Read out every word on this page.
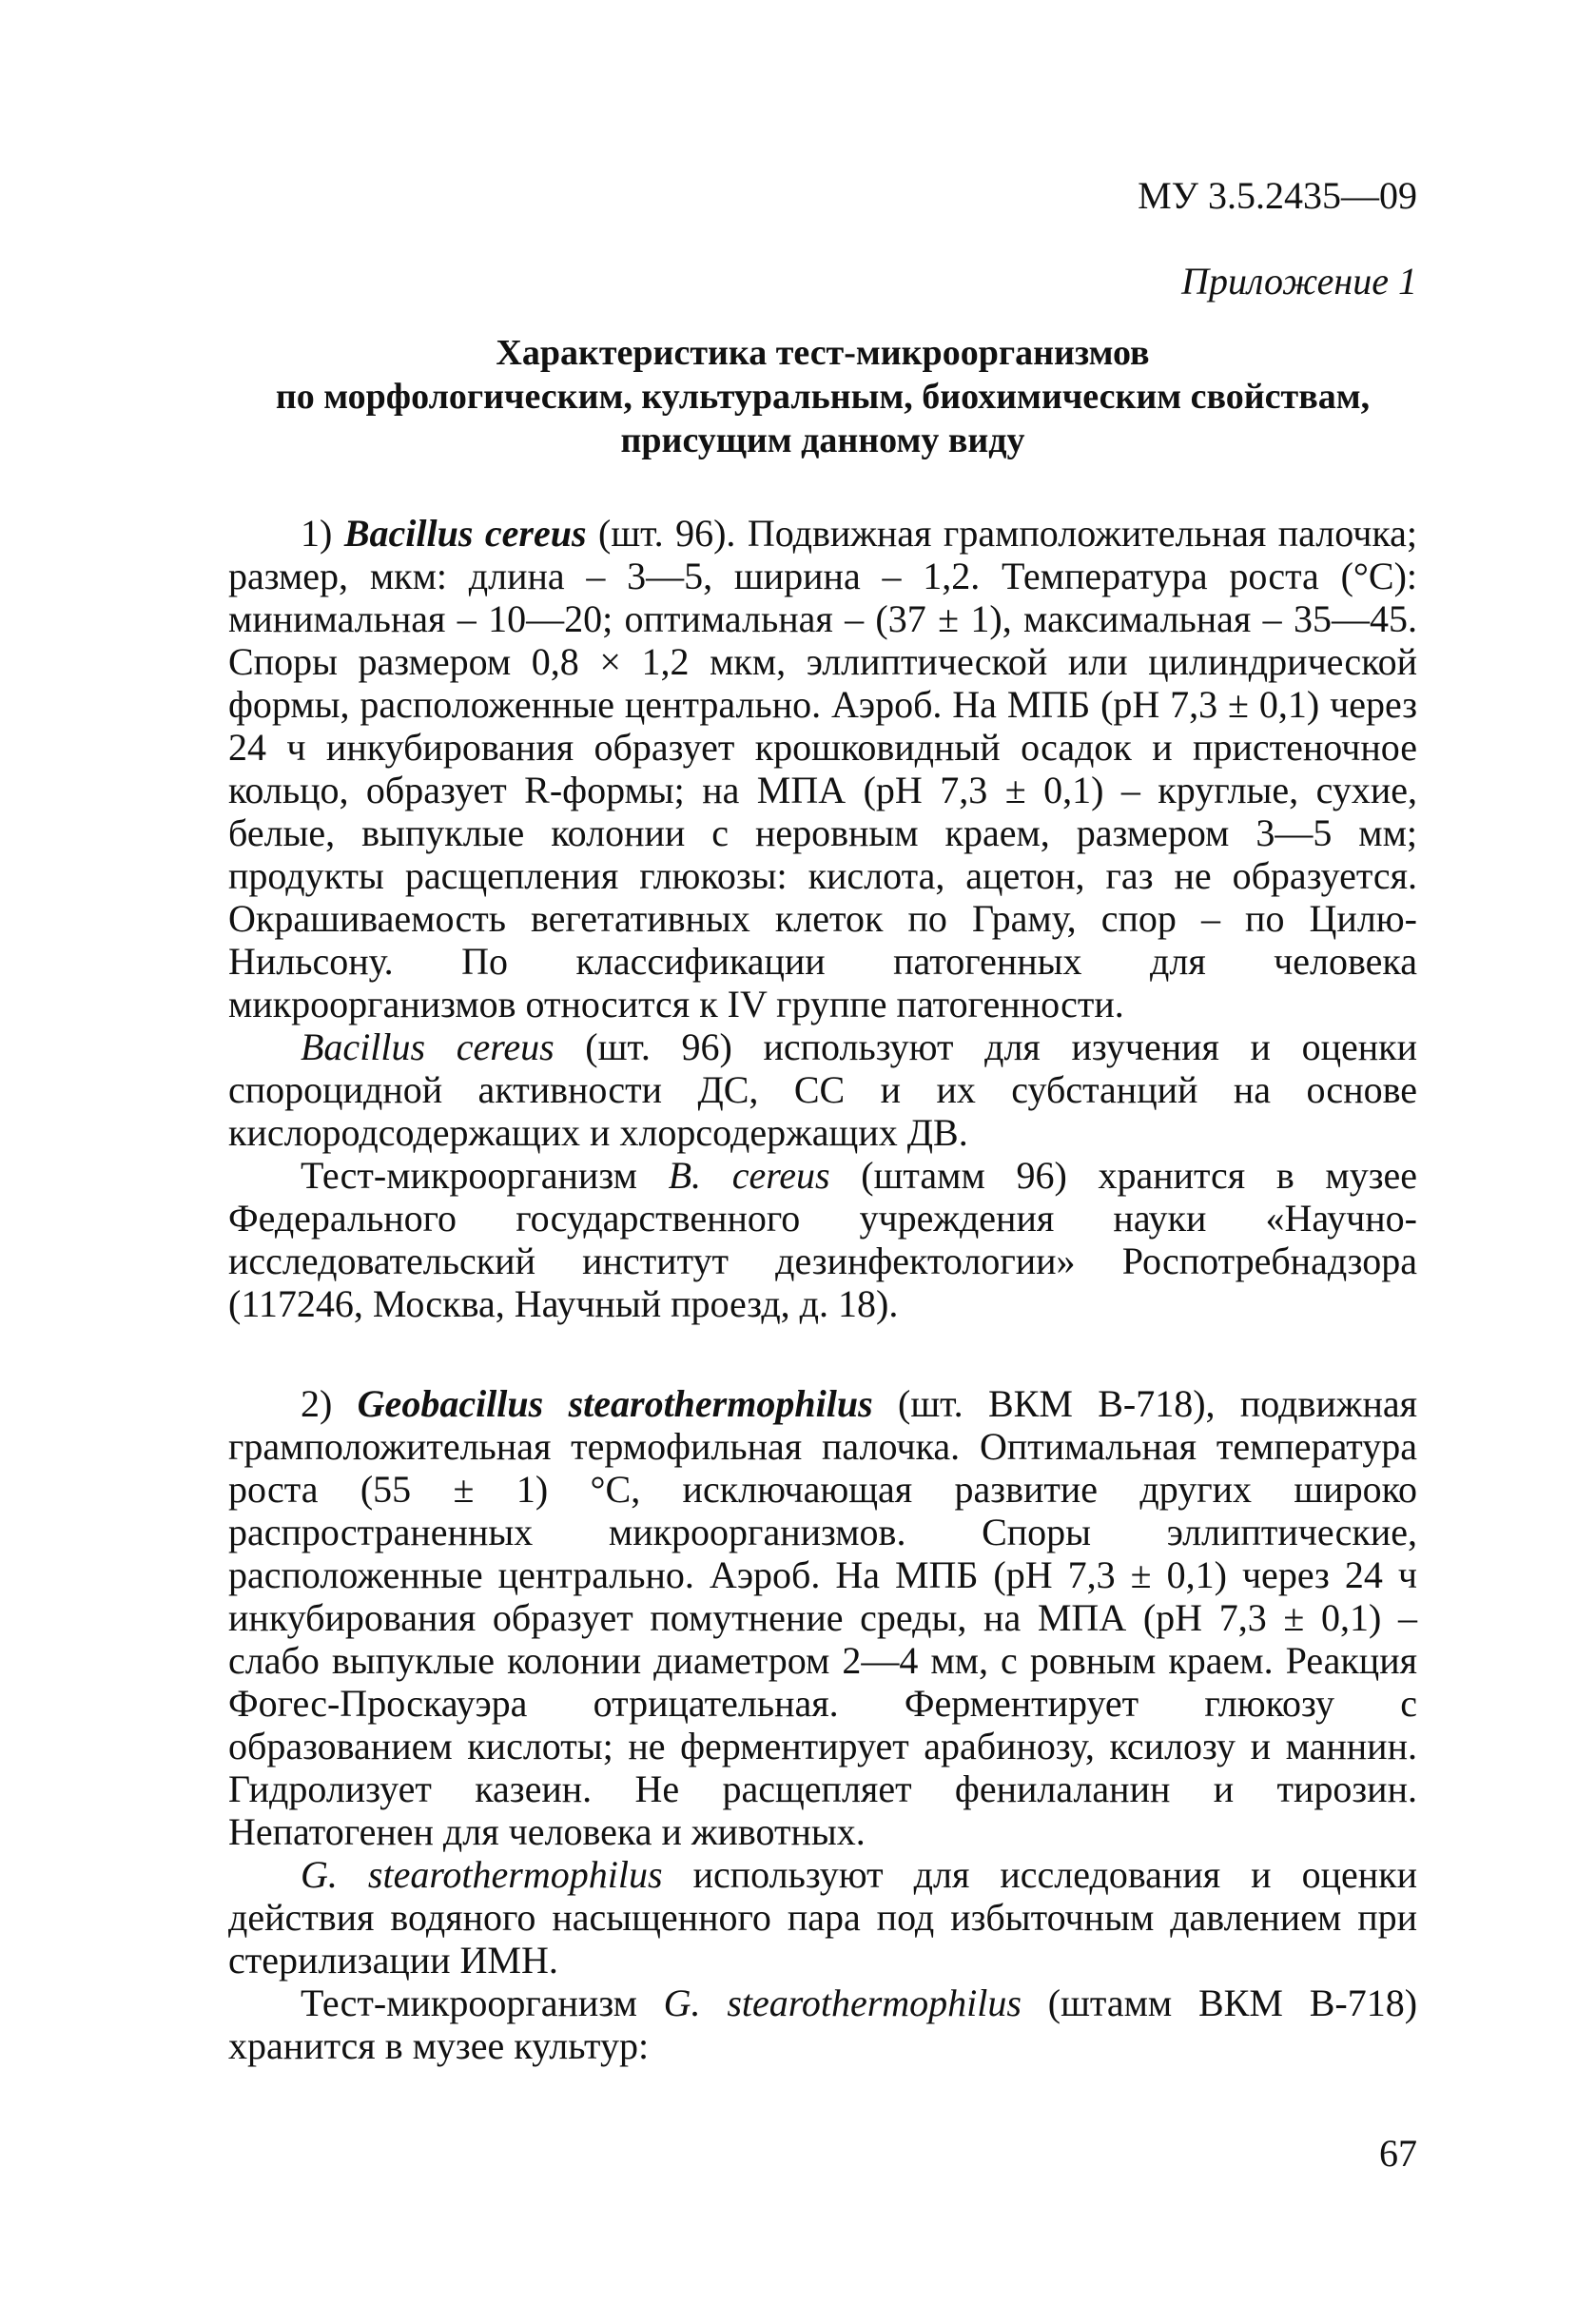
МУ 3.5.2435—09
Приложение 1
Характеристика тест-микроорганизмов
по морфологическим, культуральным, биохимическим свойствам,
присущим данному виду

1) Bacillus cereus (шт. 96). Подвижная грамположительная палочка; размер, мкм: длина – 3—5, ширина – 1,2. Температура роста (°С): минимальная – 10—20; оптимальная – (37 ± 1), максимальная – 35—45. Споры размером 0,8 × 1,2 мкм, эллиптической или цилиндрической формы, расположенные центрально. Аэроб. На МПБ (pH 7,3 ± 0,1) через 24 ч инкубирования образует крошковидный осадок и пристеночное кольцо, образует R-формы; на МПА (pH 7,3 ± 0,1) – круглые, сухие, белые, выпуклые колонии с неровным краем, размером 3—5 мм; продукты расщепления глюкозы: кислота, ацетон, газ не образуется. Окрашиваемость вегетативных клеток по Граму, спор – по Цилю-Нильсону. По классификации патогенных для человека микроорганизмов относится к IV группе патогенности.

Bacillus cereus (шт. 96) используют для изучения и оценки спороцидной активности ДС, СС и их субстанций на основе кислородсодержащих и хлорсодержащих ДВ.

Тест-микроорганизм B. cereus (штамм 96) хранится в музее Федерального государственного учреждения науки «Научно-исследовательский институт дезинфектологии» Роспотребнадзора (117246, Москва, Научный проезд, д. 18).

2) Geobacillus stearothermophilus (шт. ВКМ В-718), подвижная грамположительная термофильная палочка. Оптимальная температура роста (55 ± 1) °С, исключающая развитие других широко распространенных микроорганизмов. Споры эллиптические, расположенные центрально. Аэроб. На МПБ (pH 7,3 ± 0,1) через 24 ч инкубирования образует помутнение среды, на МПА (pH 7,3 ± 0,1) – слабо выпуклые колонии диаметром 2—4 мм, с ровным краем. Реакция Фогес-Проскауэра отрицательная. Ферментирует глюкозу с образованием кислоты; не ферментирует арабинозу, ксилозу и маннин. Гидролизует казеин. Не расщепляет фенилаланин и тирозин. Непатогенен для человека и животных.

G. stearothermophilus используют для исследования и оценки действия водяного насыщенного пара под избыточным давлением при стерилизации ИМН.

Тест-микроорганизм G. stearothermophilus (штамм ВКМ В-718) хранится в музее культур:

67
